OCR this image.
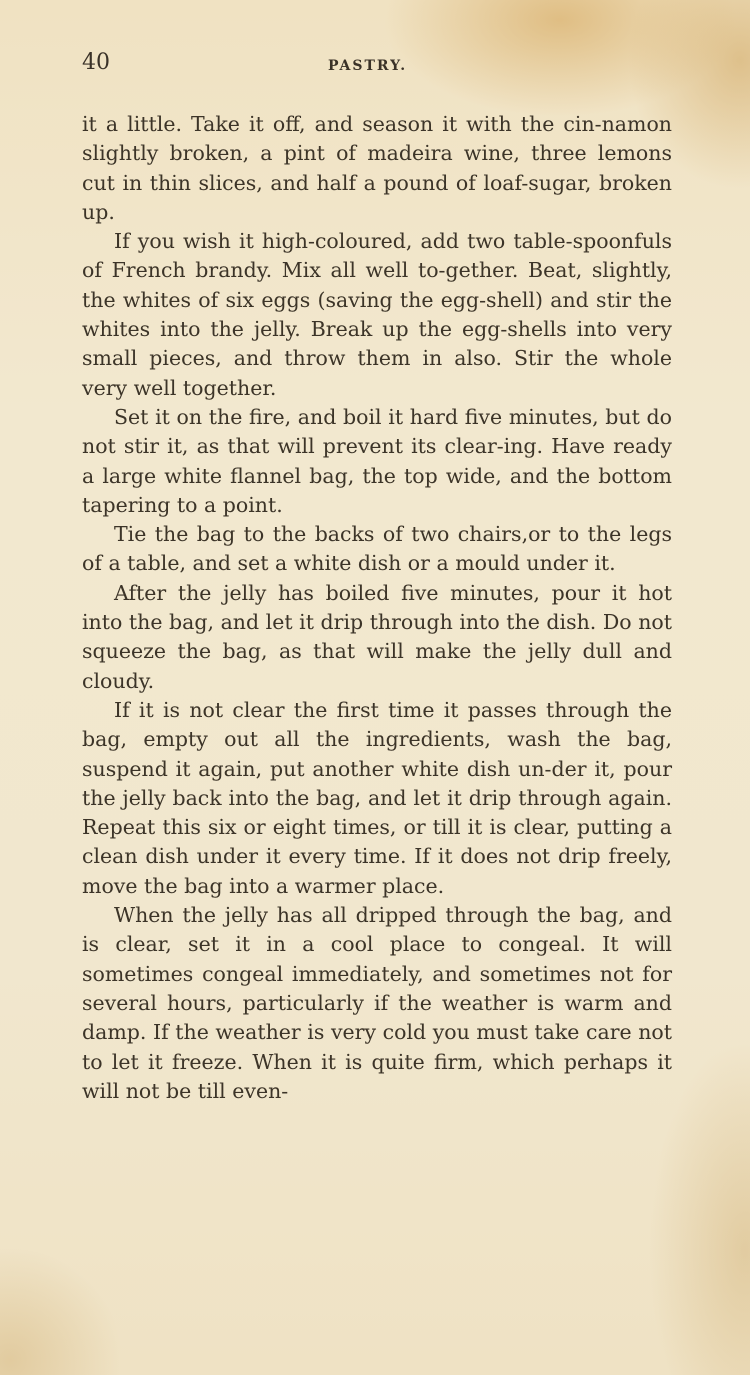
40	PASTRY.

it a little. Take it off, and season it with the cin-namon slightly broken, a pint of madeira wine, three lemons cut in thin slices, and half a pound of loaf-sugar, broken up.

If you wish it high-coloured, add two table-spoonfuls of French brandy. Mix all well to-gether. Beat, slightly, the whites of six eggs (saving the egg-shell) and stir the whites into the jelly. Break up the egg-shells into very small pieces, and throw them in also. Stir the whole very well together.

Set it on the fire, and boil it hard five minutes, but do not stir it, as that will prevent its clear-ing. Have ready a large white flannel bag, the top wide, and the bottom tapering to a point.

Tie the bag to the backs of two chairs,or to the legs of a table, and set a white dish or a mould under it.

After the jelly has boiled five minutes, pour it hot into the bag, and let it drip through into the dish. Do not squeeze the bag, as that will make the jelly dull and cloudy.

If it is not clear the first time it passes through the bag, empty out all the ingredients, wash the bag, suspend it again, put another white dish un-der it, pour the jelly back into the bag, and let it drip through again. Repeat this six or eight times, or till it is clear, putting a clean dish under it every time. If it does not drip freely, move the bag into a warmer place.

When the jelly has all dripped through the bag, and is clear, set it in a cool place to congeal. It will sometimes congeal immediately, and sometimes not for several hours, particularly if the weather is warm and damp. If the weather is very cold you must take care not to let it freeze. When it is quite firm, which perhaps it will not be till even-
